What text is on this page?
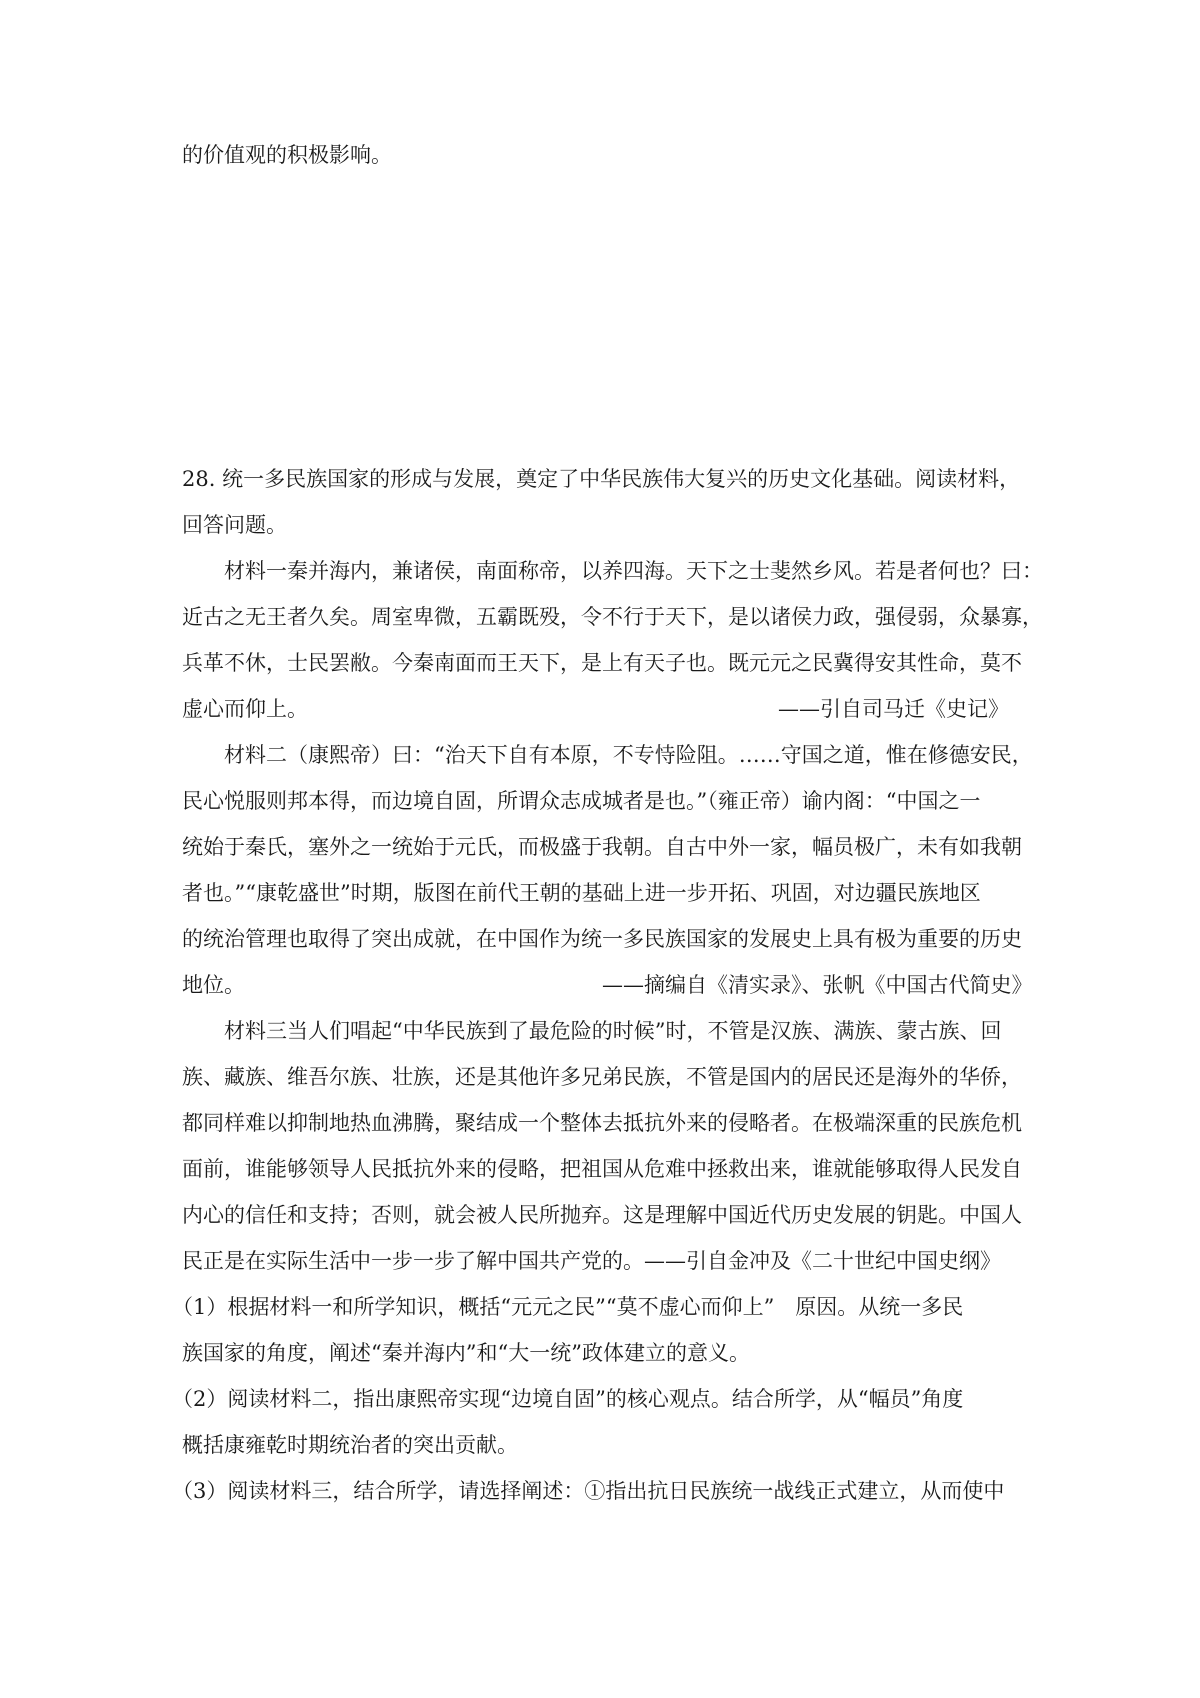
的价值观的积极影响。
28. 统一多民族国家的形成与发展，奠定了中华民族伟大复兴的历史文化基础。阅读材料，
回答问题。
材料一秦并海内，兼诸侯，南面称帝，以养四海。天下之士斐然乡风。若是者何也？曰：
近古之无王者久矣。周室卑微，五霸既殁，令不行于天下，是以诸侯力政，强侵弱，众暴寡，
兵革不休，士民罢敝。今秦南面而王天下，是上有天子也。既元元之民冀得安其性命，莫不
虚心而仰上。	——引自司马迁《史记》
材料二（康熙帝）曰：“治天下自有本原，不专恃险阻。……守国之道，惟在修德安民，
民心悦服则邦本得，而边境自固，所谓众志成城者是也。”（雍正帝）谕内阁：“中国之一
统始于秦氏，塞外之一统始于元氏，而极盛于我朝。自古中外一家，幅员极广，未有如我朝
者也。”“康乾盛世”时期，版图在前代王朝的基础上进一步开拓、巩固，对边疆民族地区
的统治管理也取得了突出成就，在中国作为统一多民族国家的发展史上具有极为重要的历史
地位。	——摘编自《清实录》、张帆《中国古代简史》
材料三当人们唱起“中华民族到了最危险的时候”时，不管是汉族、满族、蒙古族、回
族、藏族、维吾尔族、壮族，还是其他许多兄弟民族，不管是国内的居民还是海外的华侨，
都同样难以抑制地热血沸腾，聚结成一个整体去抵抗外来的侵略者。在极端深重的民族危机
面前，谁能够领导人民抵抗外来的侵略，把祖国从危难中拯救出来，谁就能够取得人民发自
内心的信任和支持；否则，就会被人民所抛弃。这是理解中国近代历史发展的钥匙。中国人
民正是在实际生活中一步一步了解中国共产党的。——引自金冲及《二十世纪中国史纲》
（1）根据材料一和所学知识，概括“元元之民”“莫不虚心而仰上”　原因。从统一多民
族国家的角度，阐述“秦并海内”和“大一统”政体建立的意义。
（2）阅读材料二，指出康熙帝实现“边境自固”的核心观点。结合所学，从“幅员”角度
概括康雍乾时期统治者的突出贡献。
（3）阅读材料三，结合所学，请选择阐述：①指出抗日民族统一战线正式建立，从而使中
